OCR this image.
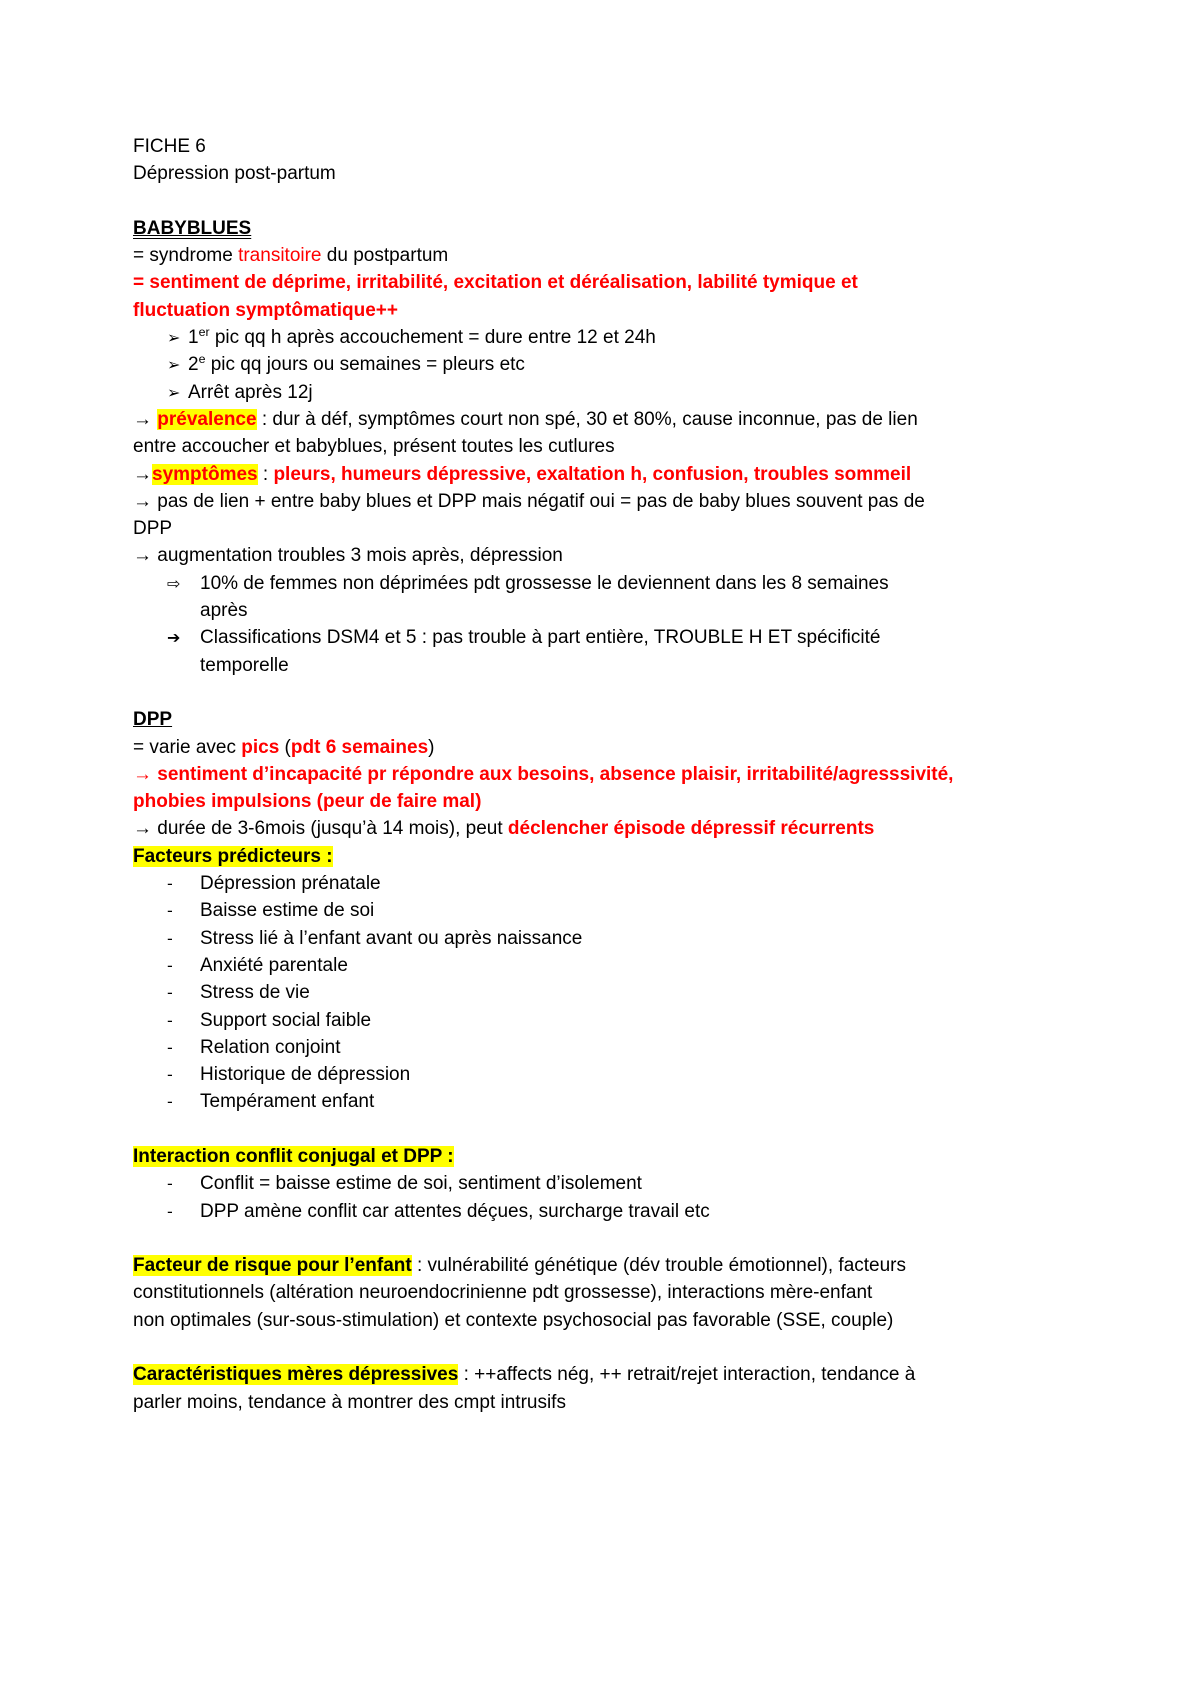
FICHE 6
Dépression post-partum
BABYBLUES
= syndrome transitoire du postpartum
= sentiment de déprime, irritabilité, excitation et déréalisation, labilité tymique et
fluctuation symptômatique++
➢ 1er pic qq h après accouchement = dure entre 12 et 24h
➢ 2e pic qq jours ou semaines = pleurs etc
➢ Arrêt après 12j
→ prévalence : dur à déf, symptômes court non spé, 30 et 80%, cause inconnue, pas de lien
entre accoucher et babyblues, présent toutes les cutlures
→symptômes : pleurs, humeurs dépressive, exaltation h, confusion, troubles sommeil
→ pas de lien + entre baby blues et DPP mais négatif oui = pas de baby blues souvent pas de
DPP
→ augmentation troubles 3 mois après, dépression
⇨ 10% de femmes non déprimées pdt grossesse le deviennent dans les 8 semaines
après
➔ Classifications DSM4 et 5 : pas trouble à part entière, TROUBLE H ET spécificité
temporelle
DPP
= varie avec pics (pdt 6 semaines)
→ sentiment d’incapacité pr répondre aux besoins, absence plaisir, irritabilité/agresssivité,
phobies impulsions (peur de faire mal)
→ durée de 3-6mois (jusqu’à 14 mois), peut déclencher épisode dépressif récurrents
Facteurs prédicteurs :
- Dépression prénatale
- Baisse estime de soi
- Stress lié à l’enfant avant ou après naissance
- Anxiété parentale
- Stress de vie
- Support social faible
- Relation conjoint
- Historique de dépression
- Tempérament enfant
Interaction conflit conjugal et DPP :
- Conflit = baisse estime de soi, sentiment d’isolement
- DPP amène conflit car attentes déçues, surcharge travail etc
Facteur de risque pour l’enfant : vulnérabilité génétique (dév trouble émotionnel), facteurs
constitutionnels (altération neuroendocrinienne pdt grossesse), interactions mère-enfant
non optimales (sur-sous-stimulation) et contexte psychosocial pas favorable (SSE, couple)
Caractéristiques mères dépressives : ++affects nég, ++ retrait/rejet interaction, tendance à
parler moins, tendance à montrer des cmpt intrusifs
